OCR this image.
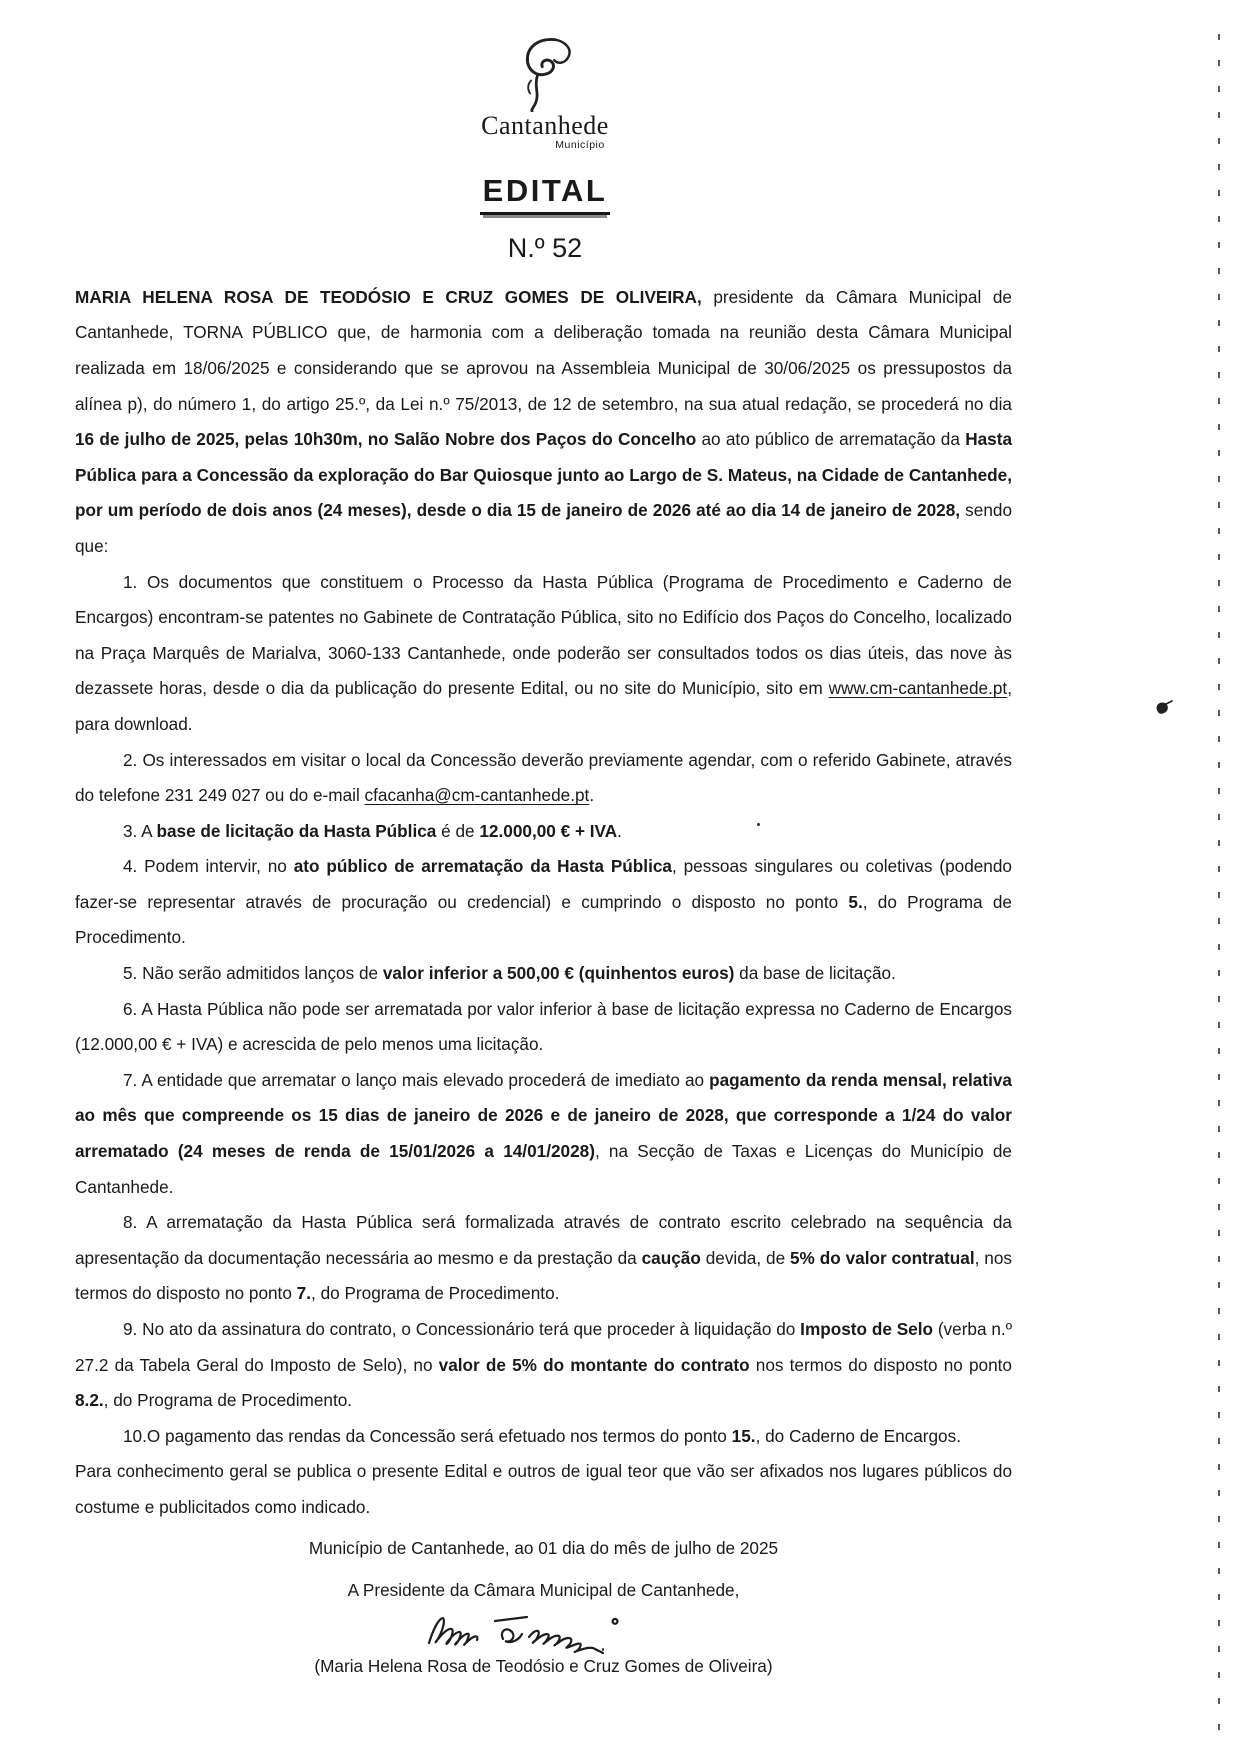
Cantanhede
Município
EDITAL
N.º 52

MARIA HELENA ROSA DE TEODÓSIO E CRUZ GOMES DE OLIVEIRA, presidente da Câmara Municipal de Cantanhede, TORNA PÚBLICO que, de harmonia com a deliberação tomada na reunião desta Câmara Municipal realizada em 18/06/2025 e considerando que se aprovou na Assembleia Municipal de 30/06/2025 os pressupostos da alínea p), do número 1, do artigo 25.º, da Lei n.º 75/2013, de 12 de setembro, na sua atual redação, se procederá no dia 16 de julho de 2025, pelas 10h30m, no Salão Nobre dos Paços do Concelho ao ato público de arrematação da Hasta Pública para a Concessão da exploração do Bar Quiosque junto ao Largo de S. Mateus, na Cidade de Cantanhede, por um período de dois anos (24 meses), desde o dia 15 de janeiro de 2026 até ao dia 14 de janeiro de 2028, sendo que:

1. Os documentos que constituem o Processo da Hasta Pública (Programa de Procedimento e Caderno de Encargos) encontram-se patentes no Gabinete de Contratação Pública, sito no Edifício dos Paços do Concelho, localizado na Praça Marquês de Marialva, 3060-133 Cantanhede, onde poderão ser consultados todos os dias úteis, das nove às dezassete horas, desde o dia da publicação do presente Edital, ou no site do Município, sito em www.cm-cantanhede.pt, para download.

2. Os interessados em visitar o local da Concessão deverão previamente agendar, com o referido Gabinete, através do telefone 231 249 027 ou do e-mail cfacanha@cm-cantanhede.pt.

3. A base de licitação da Hasta Pública é de 12.000,00 € + IVA.

4. Podem intervir, no ato público de arrematação da Hasta Pública, pessoas singulares ou coletivas (podendo fazer-se representar através de procuração ou credencial) e cumprindo o disposto no ponto 5., do Programa de Procedimento.

5. Não serão admitidos lanços de valor inferior a 500,00 € (quinhentos euros) da base de licitação.

6. A Hasta Pública não pode ser arrematada por valor inferior à base de licitação expressa no Caderno de Encargos (12.000,00 € + IVA) e acrescida de pelo menos uma licitação.

7. A entidade que arrematar o lanço mais elevado procederá de imediato ao pagamento da renda mensal, relativa ao mês que compreende os 15 dias de janeiro de 2026 e de janeiro de 2028, que corresponde a 1/24 do valor arrematado (24 meses de renda de 15/01/2026 a 14/01/2028), na Secção de Taxas e Licenças do Município de Cantanhede.

8. A arrematação da Hasta Pública será formalizada através de contrato escrito celebrado na sequência da apresentação da documentação necessária ao mesmo e da prestação da caução devida, de 5% do valor contratual, nos termos do disposto no ponto 7., do Programa de Procedimento.

9. No ato da assinatura do contrato, o Concessionário terá que proceder à liquidação do Imposto de Selo (verba n.º 27.2 da Tabela Geral do Imposto de Selo), no valor de 5% do montante do contrato nos termos do disposto no ponto 8.2., do Programa de Procedimento.

10.O pagamento das rendas da Concessão será efetuado nos termos do ponto 15., do Caderno de Encargos.

Para conhecimento geral se publica o presente Edital e outros de igual teor que vão ser afixados nos lugares públicos do costume e publicitados como indicado.

Município de Cantanhede, ao 01 dia do mês de julho de 2025

A Presidente da Câmara Municipal de Cantanhede,

(Maria Helena Rosa de Teodósio e Cruz Gomes de Oliveira)
